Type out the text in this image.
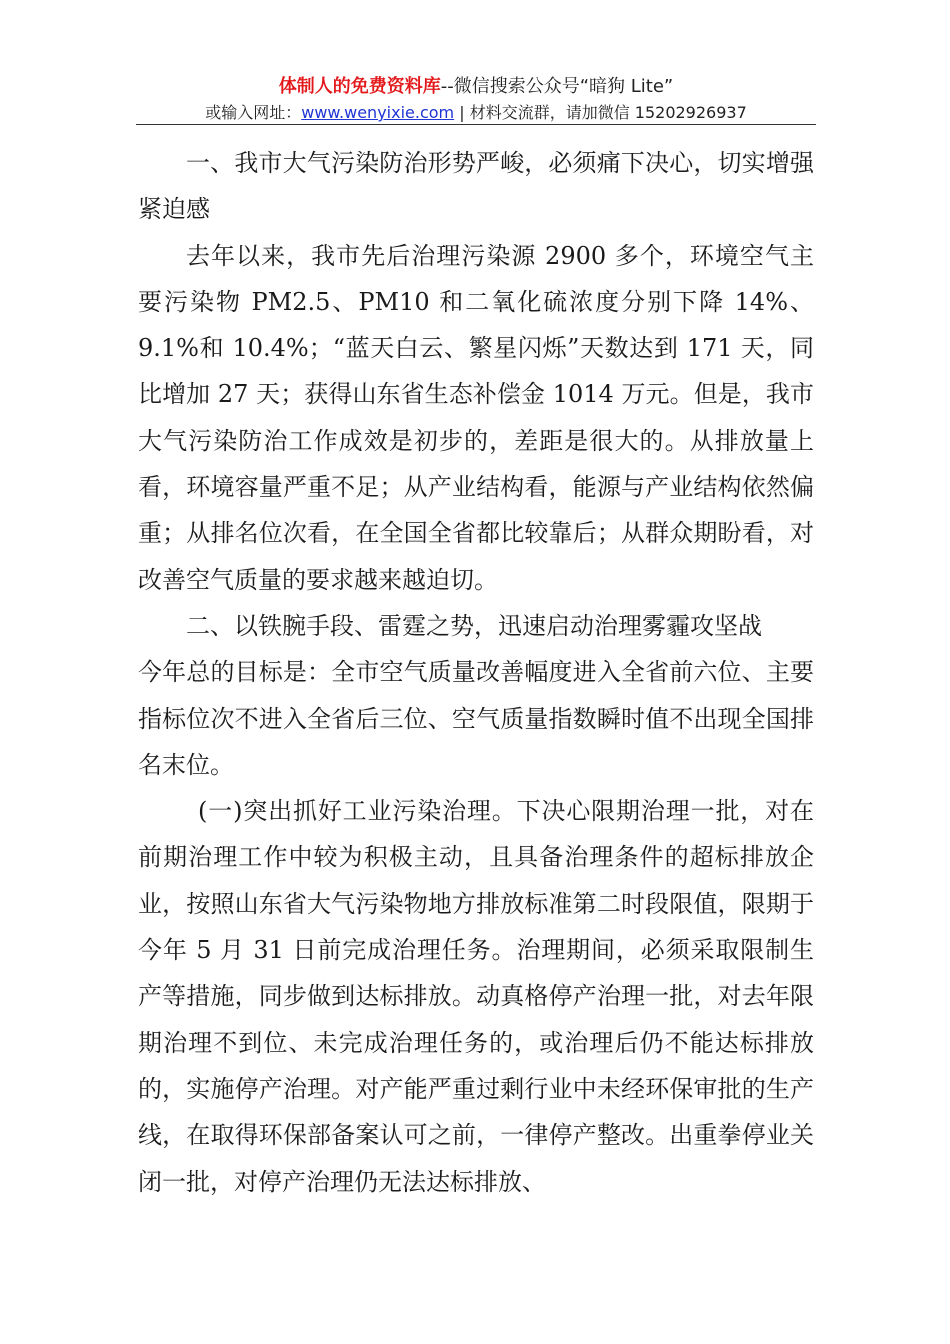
体制人的免费资料库--微信搜索公众号“暗狗 Lite”
或输入网址：www.wenyixie.com | 材料交流群，请加微信 15202926937

一、我市大气污染防治形势严峻，必须痛下决心，切实增强紧迫感

去年以来，我市先后治理污染源 2900 多个，环境空气主要污染物 PM2.5、PM10 和二氧化硫浓度分别下降 14%、9.1%和 10.4%；“蓝天白云、繁星闪烁”天数达到 171 天，同比增加 27 天；获得山东省生态补偿金 1014 万元。但是，我市大气污染防治工作成效是初步的，差距是很大的。从排放量上看，环境容量严重不足；从产业结构看，能源与产业结构依然偏重；从排名位次看，在全国全省都比较靠后；从群众期盼看，对改善空气质量的要求越来越迫切。

二、以铁腕手段、雷霆之势，迅速启动治理雾霾攻坚战

今年总的目标是：全市空气质量改善幅度进入全省前六位、主要指标位次不进入全省后三位、空气质量指数瞬时值不出现全国排名末位。

(一)突出抓好工业污染治理。下决心限期治理一批，对在前期治理工作中较为积极主动，且具备治理条件的超标排放企业，按照山东省大气污染物地方排放标准第二时段限值，限期于今年 5 月 31 日前完成治理任务。治理期间，必须采取限制生产等措施，同步做到达标排放。动真格停产治理一批，对去年限期治理不到位、未完成治理任务的，或治理后仍不能达标排放的，实施停产治理。对产能严重过剩行业中未经环保审批的生产线，在取得环保部备案认可之前，一律停产整改。出重拳停业关闭一批，对停产治理仍无法达标排放、
